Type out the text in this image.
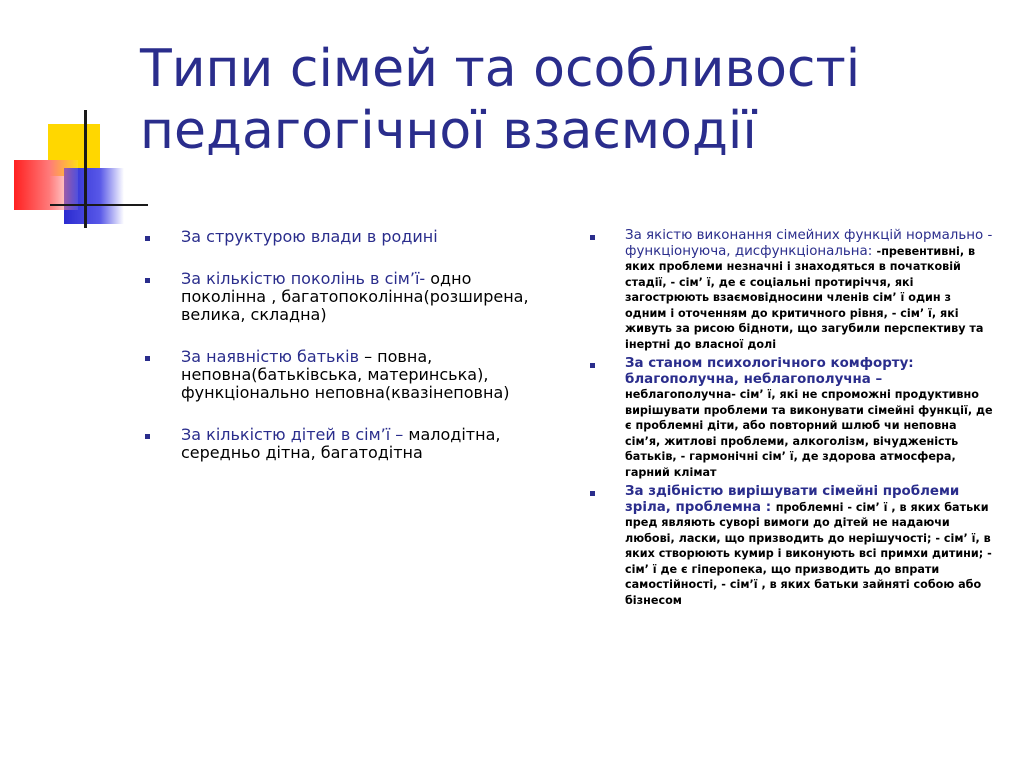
Типи сімей та особливості
педагогічної взаємодії
За структурою влади в родині
За кількістю поколінь в сім’ї- одно поколінна , багатопоколінна(розширена, велика, складна)
За наявністю батьків – повна, неповна(батьківська, материнська), функціонально неповна(квазінеповна)
За кількістю дітей в сім’ї – малодітна, середньо дітна, багатодітна
За якістю виконання сімейних функцій нормально - функціонуюча, дисфункціональна: -превентивні, в яких проблеми незначні і знаходяться в початковій стадії, - сім’ ї, де є соціальні протиріччя, які загострюють взаємовідносини членів сім’ ї один з одним і оточенням до критичного рівня, - сім’ ї, які живуть за рисою бідноти, що загубили перспективу та інертні до власної долі
За станом психологічного комфорту: благополучна, неблагополучна – неблагополучна- сім’ ї, які не спроможні продуктивно вирішувати проблеми та виконувати сімейні функції, де є проблемні діти, або повторний шлюб чи неповна сім’я, житлові проблеми, алкоголізм, вічудженість батьків, - гармонічні сім’ ї, де здорова атмосфера, гарний клімат
За здібністю вирішувати сімейні проблеми зріла, проблемна : проблемні - сім’ ї , в яких батьки пред являють суворі вимоги до дітей не надаючи любові, ласки, що призводить до нерішучості; - сім’ ї, в яких створюють кумир і виконують всі примхи дитини; - сім’ ї де є гіперопека, що призводить до впрати самостійності, - сім’ї , в яких батьки зайняті собою або бізнесом
